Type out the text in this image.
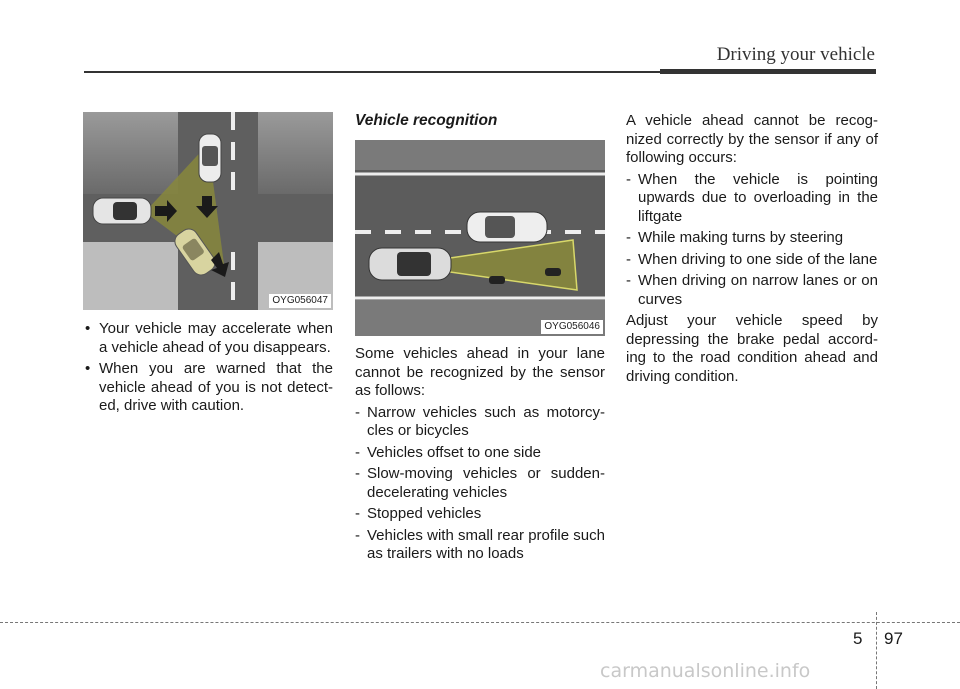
Driving your vehicle
OYG056047
• Your vehicle may accelerate when a vehicle ahead of you disappears.
• When you are warned that the vehicle ahead of you is not detect-ed, drive with caution.
Vehicle recognition
OYG056046
Some vehicles ahead in your lane cannot be recognized by the sensor as follows:
- Narrow vehicles such as motorcy-cles or bicycles
- Vehicles offset to one side
- Slow-moving vehicles or sudden-decelerating vehicles
- Stopped vehicles
- Vehicles with small rear profile such as trailers with no loads
A vehicle ahead cannot be recog-nized correctly by the sensor if any of following occurs:
- When the vehicle is pointing upwards due to overloading in the liftgate
- While making turns by steering
- When driving to one side of the lane
- When driving on narrow lanes or on curves
Adjust your vehicle speed by depressing the brake pedal accord-ing to the road condition ahead and driving condition.
5 97
carmanualsonline.info
